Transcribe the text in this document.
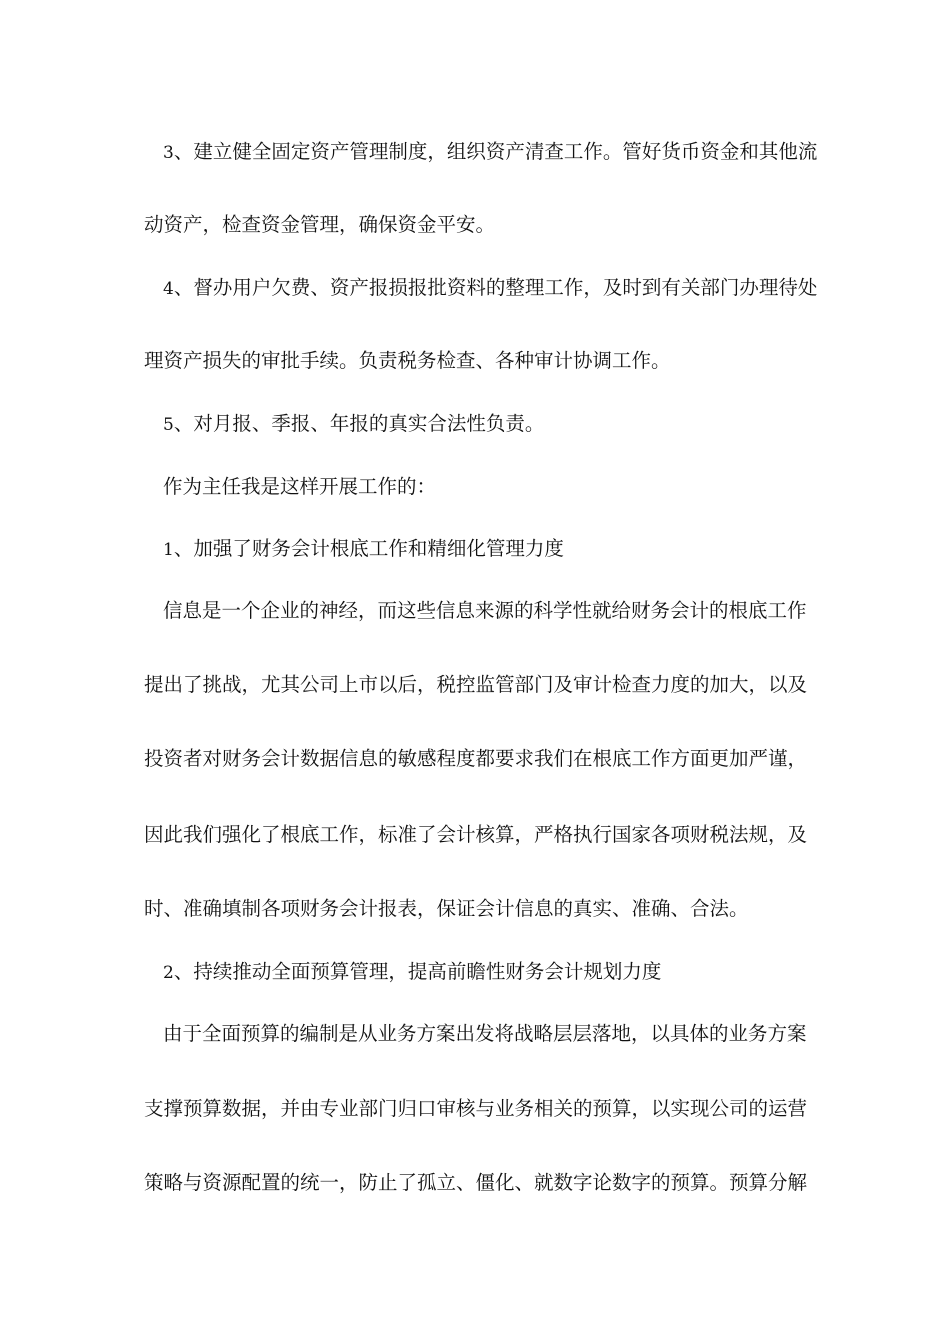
3、建立健全固定资产管理制度，组织资产清查工作。管好货币资金和其他流
动资产，检查资金管理，确保资金平安。
4、督办用户欠费、资产报损报批资料的整理工作，及时到有关部门办理待处
理资产损失的审批手续。负责税务检查、各种审计协调工作。
5、对月报、季报、年报的真实合法性负责。
作为主任我是这样开展工作的：
1、加强了财务会计根底工作和精细化管理力度
信息是一个企业的神经，而这些信息来源的科学性就给财务会计的根底工作
提出了挑战，尤其公司上市以后，税控监管部门及审计检查力度的加大，以及
投资者对财务会计数据信息的敏感程度都要求我们在根底工作方面更加严谨，
因此我们强化了根底工作，标准了会计核算，严格执行国家各项财税法规，及
时、准确填制各项财务会计报表，保证会计信息的真实、准确、合法。
2、持续推动全面预算管理，提高前瞻性财务会计规划力度
由于全面预算的编制是从业务方案出发将战略层层落地，以具体的业务方案
支撑预算数据，并由专业部门归口审核与业务相关的预算，以实现公司的运营
策略与资源配置的统一，防止了孤立、僵化、就数字论数字的预算。预算分解
